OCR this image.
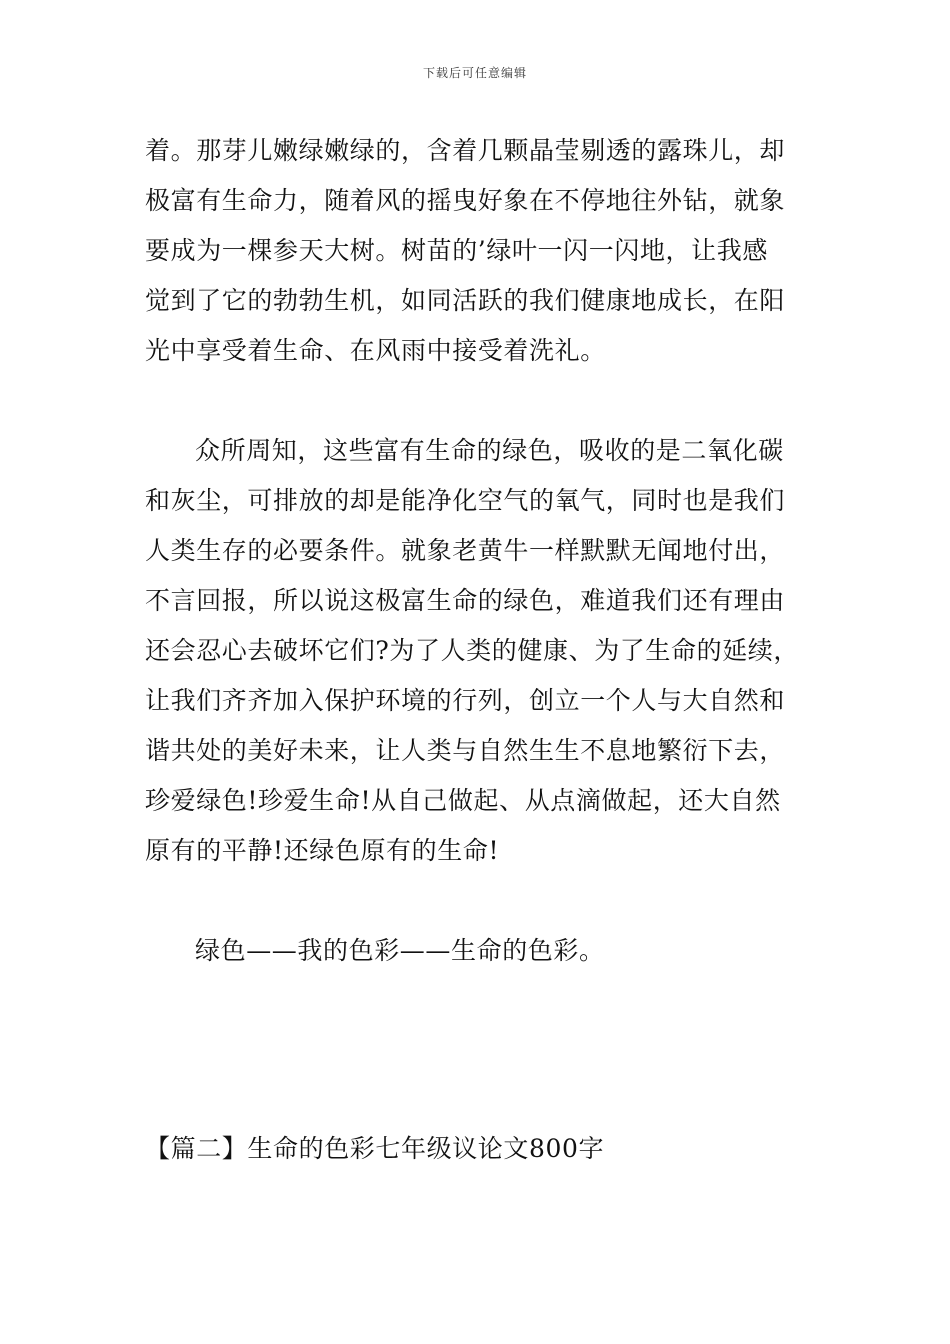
下载后可任意编辑
着。那芽儿嫩绿嫩绿的，含着几颗晶莹剔透的露珠儿，却
极富有生命力，随着风的摇曳好象在不停地往外钻，就象
要成为一棵参天大树。树苗的’绿叶一闪一闪地，让我感
觉到了它的勃勃生机，如同活跃的我们健康地成长，在阳
光中享受着生命、在风雨中接受着洗礼。
众所周知，这些富有生命的绿色，吸收的是二氧化碳
和灰尘，可排放的却是能净化空气的氧气，同时也是我们
人类生存的必要条件。就象老黄牛一样默默无闻地付出，
不言回报，所以说这极富生命的绿色，难道我们还有理由
还会忍心去破坏它们?为了人类的健康、为了生命的延续，
让我们齐齐加入保护环境的行列，创立一个人与大自然和
谐共处的美好未来，让人类与自然生生不息地繁衍下去，
珍爱绿色!珍爱生命!从自己做起、从点滴做起，还大自然
原有的平静!还绿色原有的生命!
绿色——我的色彩——生命的色彩。
【篇二】生命的色彩七年级议论文800字
